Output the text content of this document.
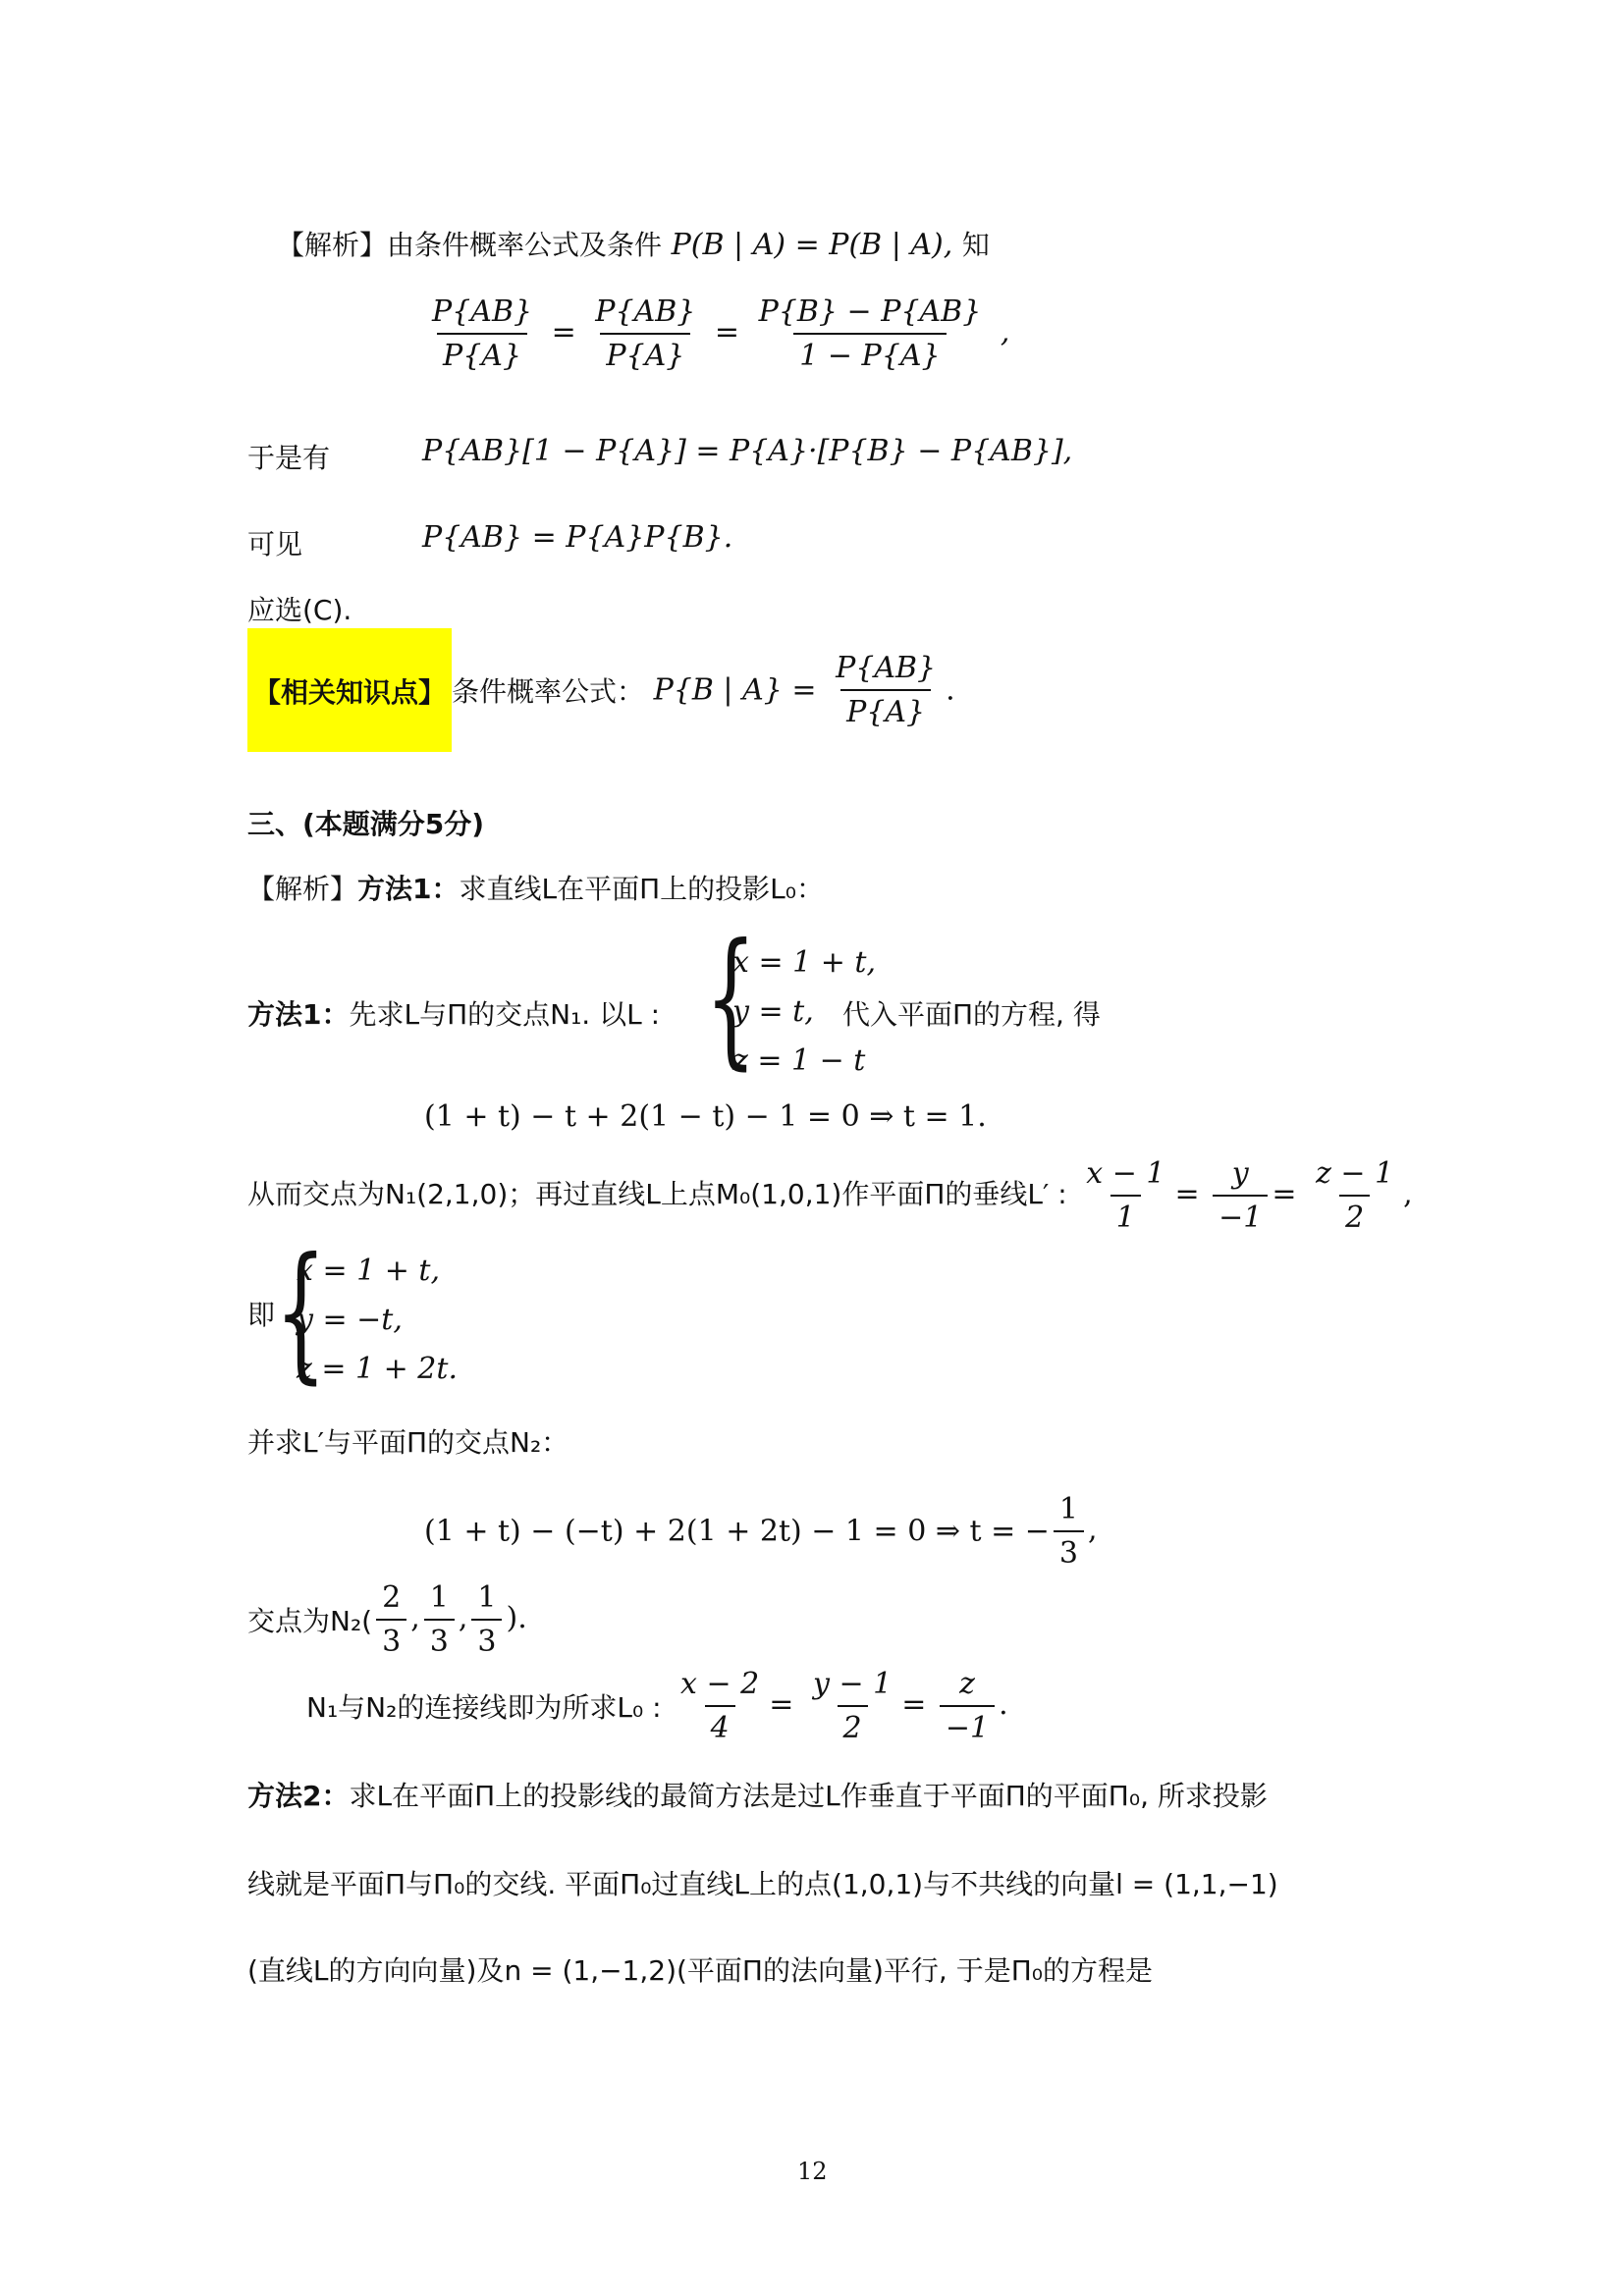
【解析】由条件概率公式及条件 P(B | A) = P(B | A), 知
$\frac{P\{AB\}}{P\{A\}} = \frac{P\{AB\}}{P\{A\}} = \frac{P\{B\} - P\{AB\}}{1 - P\{A\}}$ ,
于是有	P{AB}[1 − P{A}] = P{A}·[P{B} − P{AB}],
可见	P{AB} = P{A}P{B}.
应选(C).
【相关知识点】 条件概率公式： P{B | $A\} = \frac{P\{AB\}}{P\{A\}}$ .
三、(本题满分5分)
【解析】方法1：求直线L在平面Π上的投影L₀：
方法1：先求L与Π的交点N₁. 以L : {
x = 1 + t,
y = t,
z = 1 − t
代入平面Π的方程, 得
(1 + t) − t + 2(1 − t) − 1 = 0 ⇒ t = 1.
从而交点为N₁(2,1,0)；再过直线L上点M₀(1,0,1)作平面Π的垂线L′ : $\frac{x - 1}{1} = \frac{y}{-1} = \frac{z - 1}{2}$ ,
即 {
x = 1 + t,
y = −t,
z = 1 + 2t.
并求L′与平面Π的交点N₂：
(1 + t) − (−t) + 2(1 + 2t) − 1 = 0 ⇒ t = − $\frac{1}{3}$ ,
交点为$N_2( \frac{2}{3}$ , $\frac{1}{3}$ , $\frac{1}{3}$ ).
N₁与N₂的连接线即为所求L₀ : $\frac{x - 2}{4} = \frac{y - 1}{2} = \frac{z}{-1}$ .
方法2：求L在平面Π上的投影线的最简方法是过L作垂直于平面Π的平面Π₀, 所求投影
线就是平面Π与Π₀的交线. 平面Π₀过直线L上的点(1,0,1)与不共线的向量l = (1,1,−1)
(直线L的方向向量)及n = (1,−1,2)(平面Π的法向量)平行, 于是Π₀的方程是
12
